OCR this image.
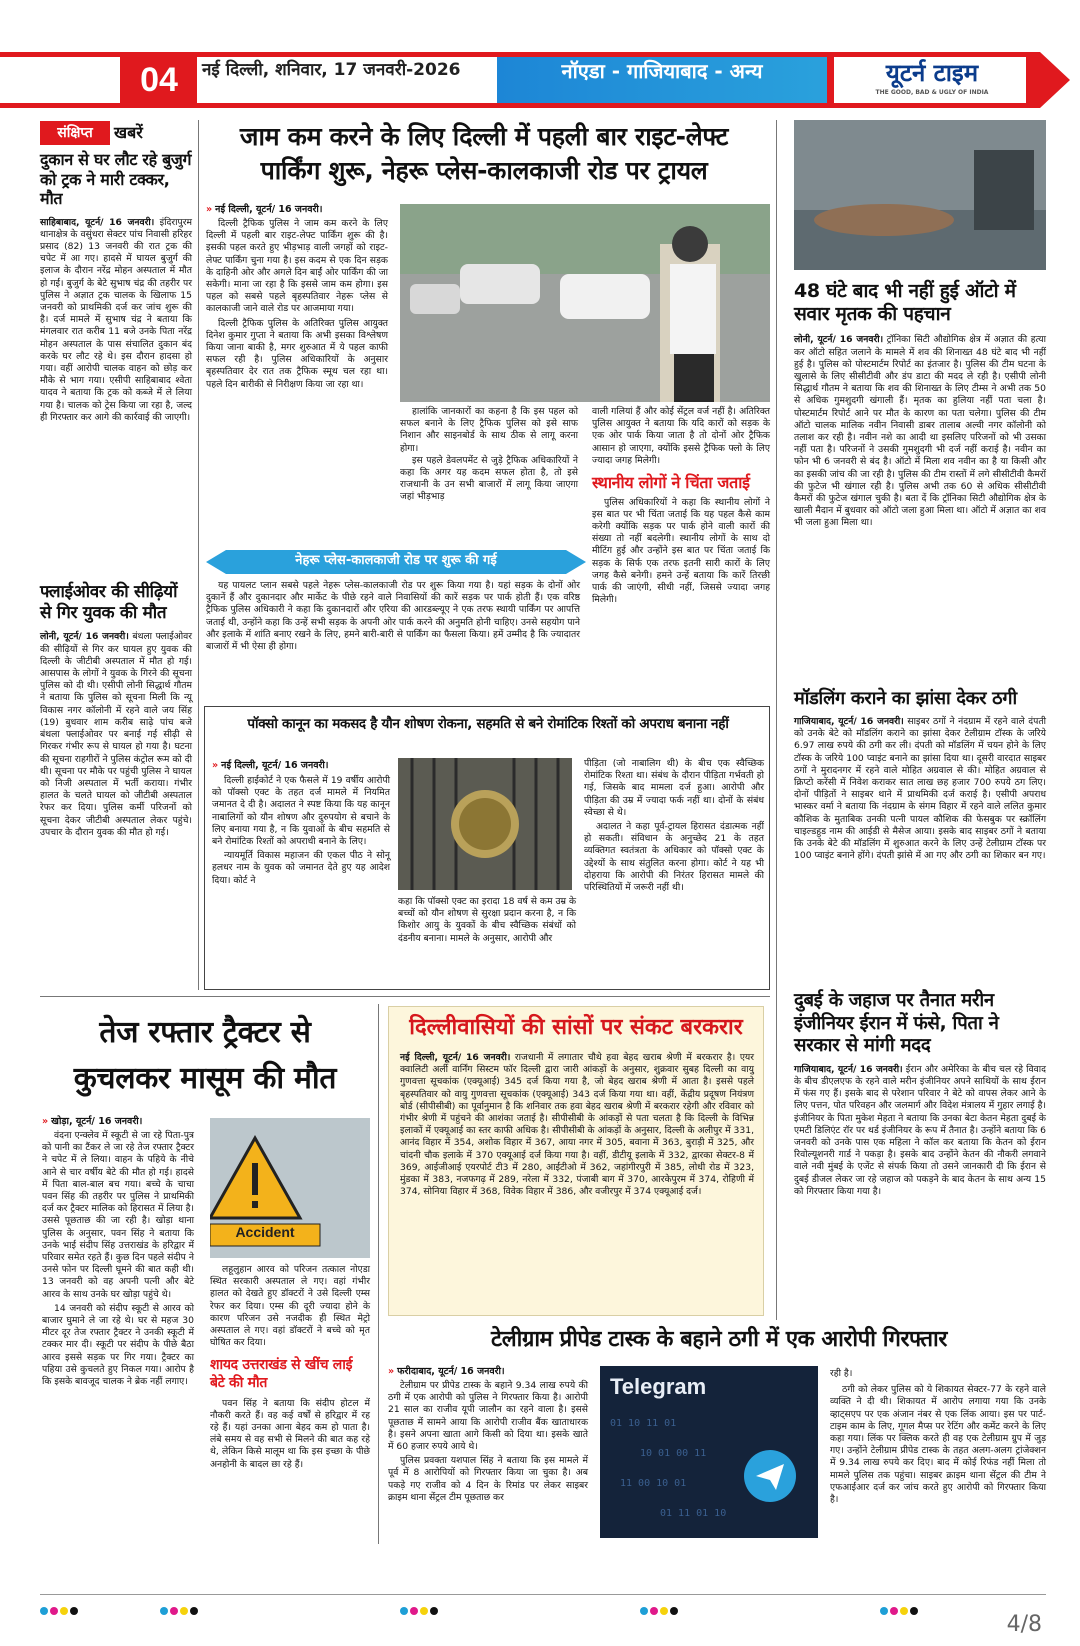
04	नई दिल्ली, शनिवार, 17 जनवरी-2026	नॉएडा - गाजियाबाद - अन्य	यूटर्न टाइम
THE GOOD, BAD & UGLY OF INDIA
संक्षिप्त	खबरें
दुकान से घर लौट रहे बुजुर्ग को ट्रक ने मारी टक्कर, मौत

साहिबाबाद, यूटर्न/ 16 जनवरी। इंदिरापुरम थानाक्षेत्र के वसुंधरा सेक्टर पांच निवासी हरिहर प्रसाद (82) 13 जनवरी की रात ट्रक की चपेट में आ गए। हादसे में घायल बुजुर्ग की इलाज के दौरान नरेंद्र मोहन अस्पताल में मौत हो गई। बुजुर्ग के बेटे सुभाष चंद्र की तहरीर पर पुलिस ने अज्ञात ट्रक चालक के खिलाफ 15 जनवरी को प्राथमिकी दर्ज कर जांच शुरू की है। दर्ज मामले में सुभाष चंद्र ने बताया कि मंगलवार रात करीब 11 बजे उनके पिता नरेंद्र मोहन अस्पताल के पास संचालित दुकान बंद करके घर लौट रहे थे। इस दौरान हादसा हो गया। वहीं आरोपी चालक वाहन को छोड़ कर मौके से भाग गया। एसीपी साहिबाबाद श्वेता यादव ने बताया कि ट्रक को कब्जे में ले लिया गया है। चालक को ट्रेस किया जा रहा है, जल्द ही गिरफ्तार कर आगे की कार्रवाई की जाएगी।

फ्लाईओवर की सीढ़ियों से गिर युवक की मौत

लोनी, यूटर्न/ 16 जनवरी। बंथला फ्लाईओवर की सीढ़ियों से गिर कर घायल हुए युवक की दिल्ली के जीटीबी अस्पताल में मौत हो गई। आसपास के लोगों ने युवक के गिरने की सूचना पुलिस को दी थी। एसीपी लोनी सिद्धार्थ गौतम ने बताया कि पुलिस को सूचना मिली कि न्यू विकास नगर कॉलोनी में रहने वाले जय सिंह (19) बुधवार शाम करीब साढ़े पांच बजे बंथला फ्लाईओवर पर बनाई गई सीढ़ी से गिरकर गंभीर रूप से घायल हो गया है। घटना की सूचना राहगीरों ने पुलिस कंट्रोल रूम को दी थी। सूचना पर मौके पर पहुंची पुलिस ने घायल को निजी अस्पताल में भर्ती कराया। गंभीर हालत के चलते घायल को जीटीबी अस्पताल रेफर कर दिया। पुलिस कर्मी परिजनों को सूचना देकर जीटीबी अस्पताल लेकर पहुंचे। उपचार के दौरान युवक की मौत हो गई।

जाम कम करने के लिए दिल्ली में पहली बार राइट-लेफ्ट
पार्किंग शुरू, नेहरू प्लेस-कालकाजी रोड पर ट्रायल
» नई दिल्ली, यूटर्न/ 16 जनवरी।

दिल्ली ट्रैफिक पुलिस ने जाम कम करने के लिए दिल्ली में पहली बार राइट-लेफ्ट पार्किंग शुरू की है। इसकी पहल करते हुए भीड़भाड़ वाली जगहों को राइट-लेफ्ट पार्किंग चुना गया है। इस कदम से एक दिन सड़क के दाहिनी ओर और अगले दिन बाईं ओर पार्किंग की जा सकेगी। माना जा रहा है कि इससे जाम कम होगा। इस पहल को सबसे पहले बृहस्पतिवार नेहरू प्लेस से कालकाजी जाने वाले रोड पर आजमाया गया।

दिल्ली ट्रैफिक पुलिस के अतिरिक्त पुलिस आयुक्त दिनेश कुमार गुप्ता ने बताया कि अभी इसका विश्लेषण किया जाना बाकी है, मगर शुरुआत में ये पहल काफी सफल रही है। पुलिस अधिकारियों के अनुसार बृहस्पतिवार देर रात तक ट्रैफिक स्मूथ चल रहा था। पहले दिन बारीकी से निरीक्षण किया जा रहा था।

हालांकि जानकारों का कहना है कि इस पहल को सफल बनाने के लिए ट्रैफिक पुलिस को इसे साफ निशान और साइनबोर्ड के साथ ठीक से लागू करना होगा।

इस पहले डेवलपमेंट से जुड़े ट्रैफिक अधिकारियों ने कहा कि अगर यह कदम सफल होता है, तो इसे राजधानी के उन सभी बाजारों में लागू किया जाएगा जहां भीड़भाड़

वाली गलियां हैं और कोई सेंट्रल वर्ज नहीं है। अतिरिक्त पुलिस आयुक्त ने बताया कि यदि कारों को सड़क के एक ओर पार्क किया जाता है तो दोनों ओर ट्रैफिक आसान हो जाएगा, क्योंकि इससे ट्रैफिक फ्लो के लिए ज्यादा जगह मिलेगी।

स्थानीय लोगों ने चिंता जताई

पुलिस अधिकारियों ने कहा कि स्थानीय लोगों ने इस बात पर भी चिंता जताई कि यह पहल कैसे काम करेगी क्योंकि सड़क पर पार्क होने वाली कारों की संख्या तो नहीं बदलेगी। स्थानीय लोगों के साथ दो मीटिंग हुई और उन्होंने इस बात पर चिंता जताई कि सड़क के सिर्फ एक तरफ इतनी सारी कारों के लिए जगह कैसे बनेगी। हमने उन्हें बताया कि कारें तिरछी पार्क की जाएंगी, सीधी नहीं, जिससे ज्यादा जगह मिलेगी।

नेहरू प्लेस-कालकाजी रोड पर शुरू की गई

यह पायलट प्लान सबसे पहले नेहरू प्लेस-कालकाजी रोड पर शुरू किया गया है। यहां सड़क के दोनों ओर दुकानें हैं और दुकानदार और मार्केट के पीछे रहने वाले निवासियों की कारें सड़क पर पार्क होती हैं। एक वरिष्ठ ट्रैफिक पुलिस अधिकारी ने कहा कि दुकानदारों और एरिया की आरडब्ल्यूए ने एक तरफ स्थायी पार्किंग पर आपत्ति जताई थी, उन्होंने कहा कि उन्हें सभी सड़क के अपनी ओर पार्क करने की अनुमति होनी चाहिए। उनसे सहयोग पाने और इलाके में शांति बनाए रखने के लिए, हमने बारी-बारी से पार्किंग का फैसला किया। हमें उम्मीद है कि ज्यादातर बाजारों में भी ऐसा ही होगा।

पॉक्सो कानून का मकसद है यौन शोषण रोकना, सहमति से बने रोमांटिक रिश्तों को अपराध बनाना नहीं
» नई दिल्ली, यूटर्न/ 16 जनवरी।

दिल्ली हाईकोर्ट ने एक फैसले में 19 वर्षीय आरोपी को पॉक्सो एक्ट के तहत दर्ज मामले में नियमित जमानत दे दी है। अदालत ने स्पष्ट किया कि यह कानून नाबालिगों को यौन शोषण और दुरुपयोग से बचाने के लिए बनाया गया है, न कि युवाओं के बीच सहमति से बने रोमांटिक रिश्तों को अपराधी बनाने के लिए।

न्यायमूर्ति विकास महाजन की एकल पीठ ने सोनू हलधर नाम के युवक को जमानत देते हुए यह आदेश दिया। कोर्ट ने

कहा कि पॉक्सो एक्ट का इरादा 18 वर्ष से कम उम्र के बच्चों को यौन शोषण से सुरक्षा प्रदान करना है, न कि किशोर आयु के युवकों के बीच स्वैच्छिक संबंधों को दंडनीय बनाना। मामले के अनुसार, आरोपी और

पीड़िता (जो नाबालिग थी) के बीच एक स्वैच्छिक रोमांटिक रिश्ता था। संबंध के दौरान पीड़िता गर्भवती हो गई, जिसके बाद मामला दर्ज हुआ। आरोपी और पीड़िता की उम्र में ज्यादा फर्क नहीं था। दोनों के संबंध स्वेच्छा से थे।

अदालत ने कहा पूर्व-ट्रायल हिरासत दंडात्मक नहीं हो सकती। संविधान के अनुच्छेद 21 के तहत व्यक्तिगत स्वतंत्रता के अधिकार को पॉक्सो एक्ट के उद्देश्यों के साथ संतुलित करना होगा। कोर्ट ने यह भी दोहराया कि आरोपी की निरंतर हिरासत मामले की परिस्थितियों में जरूरी नहीं थी।

48 घंटे बाद भी नहीं हुई ऑटो में सवार मृतक की पहचान

लोनी, यूटर्न/ 16 जनवरी। ट्रॉनिका सिटी औद्योगिक क्षेत्र में अज्ञात की हत्या कर ऑटो सहित जलाने के मामले में शव की शिनाख्त 48 घंटे बाद भी नहीं हुई है। पुलिस को पोस्टमार्टम रिपोर्ट का इंतजार है। पुलिस की टीम घटना के खुलासे के लिए सीसीटीवी और डंप डाटा की मदद ले रही है। एसीपी लोनी सिद्धार्थ गौतम ने बताया कि शव की शिनाख्त के लिए टीम्स ने अभी तक 50 से अधिक गुमशुदगी खंगाली हैं। मृतक का हुलिया नहीं पता चला है। पोस्टमार्टम रिपोर्ट आने पर मौत के कारण का पता चलेगा। पुलिस की टीम ऑटो चालक मालिक नवीन निवासी डाबर तालाब अल्वी नगर कॉलोनी को तलाश कर रही है। नवीन नशे का आदी था इसलिए परिजनों को भी उसका नहीं पता है। परिजनों ने उसकी गुमशुदगी भी दर्ज नहीं कराई है। नवीन का फोन भी 6 जनवरी से बंद है। ऑटो में मिला शव नवीन का है या किसी और का इसकी जांच की जा रही है। पुलिस की टीम रास्तों में लगे सीसीटीवी कैमरों की फुटेज भी खंगाल रही है। पुलिस अभी तक 60 से अधिक सीसीटीवी कैमरों की फुटेज खंगाल चुकी है। बता दें कि ट्रॉनिका सिटी औद्योगिक क्षेत्र के खाली मैदान में बुधवार को ऑटो जला हुआ मिला था। ऑटो में अज्ञात का शव भी जला हुआ मिला था।

मॉडलिंग कराने का झांसा देकर ठगी

गाजियाबाद, यूटर्न/ 16 जनवरी। साइबर ठगों ने नंदग्राम में रहने वाले दंपती को उनके बेटे को मॉडलिंग कराने का झांसा देकर टेलीग्राम टॉस्क के जरिये 6.97 लाख रुपये की ठगी कर ली। दंपती को मॉडलिंग में चयन होने के लिए टॉस्क के जरिये 100 प्वाइंट बनाने का झांसा दिया था। दूसरी वारदात साइबर ठगों ने मुरादनगर में रहने वाले मोहित अग्रवाल से की। मोहित अग्रवाल से क्रिप्टो करेंसी में निवेश कराकर सात लाख छह हजार 700 रुपये ठग लिए। दोनों पीड़ितों ने साइबर थाने में प्राथमिकी दर्ज कराई है। एसीपी अपराध भास्कर वर्मा ने बताया कि नंदग्राम के संगम विहार में रहने वाले ललित कुमार कौशिक के मुताबिक उनकी पत्नी पायल कौशिक की फेसबुक पर स्क्रॉलिंग चाइल्डहुड नाम की आईडी से मैसेज आया। इसके बाद साइबर ठगों ने बताया कि उनके बेटे की मॉडलिंग में शुरुआत करने के लिए उन्हें टेलीग्राम टॉस्क पर 100 प्वाइंट बनाने होंगे। दंपती झांसे में आ गए और ठगी का शिकार बन गए।

दुबई के जहाज पर तैनात मरीन इंजीनियर ईरान में फंसे, पिता ने सरकार से मांगी मदद

गाजियाबाद, यूटर्न/ 16 जनवरी। ईरान और अमेरिका के बीच चल रहे विवाद के बीच डीएलएफ के रहने वाले मरीन इंजीनियर अपने साथियों के साथ ईरान में फंस गए हैं। इसके बाद से परेशान परिवार ने बेटे को वापस लेकर आने के लिए पत्तन, पोत परिवहन और जलमार्ग और विदेश मंत्रालय में गुहार लगाई है। इंजीनियर के पिता मुकेश मेहता ने बताया कि उनका बेटा केतन मेहता दुबई के एमटी डिलिएंट रॉर पर थर्ड इंजीनियर के रूप में तैनात है। उन्होंने बताया कि 6 जनवरी को उनके पास एक महिला ने कॉल कर बताया कि केतन को ईरान रिवोल्यूशनरी गार्ड ने पकड़ा है। इसके बाद उन्होंने केतन की नौकरी लगवाने वाले नवी मुंबई के एजेंट से संपर्क किया तो उसने जानकारी दी कि ईरान से दुबई डीजल लेकर जा रहे जहाज को पकड़ने के बाद केतन के साथ अन्य 15 को गिरफ्तार किया गया है।

तेज रफ्तार ट्रैक्टर से
कुचलकर मासूम की मौत
» खोड़ा, यूटर्न/ 16 जनवरी।

वंदना एन्क्लेव में स्कूटी से जा रहे पिता-पुत्र को पानी का टैंकर ले जा रहे तेज रफ्तार ट्रैक्टर ने चपेट में ले लिया। वाहन के पहिये के नीचे आने से चार वर्षीय बेटे की मौत हो गई। हादसे में पिता बाल-बाल बच गया। बच्चे के चाचा पवन सिंह की तहरीर पर पुलिस ने प्राथमिकी दर्ज कर ट्रैक्टर मालिक को हिरासत में लिया है। उससे पूछताछ की जा रही है। खोड़ा थाना पुलिस के अनुसार, पवन सिंह ने बताया कि उनके भाई संदीप सिंह उत्तराखंड के हरिद्वार में परिवार समेत रहते हैं। कुछ दिन पहले संदीप ने उनसे फोन पर दिल्ली घूमने की बात कही थी। 13 जनवरी को वह अपनी पत्नी और बेटे आरव के साथ उनके घर खोड़ा पहुंचे थे।

14 जनवरी को संदीप स्कूटी से आरव को बाजार घुमाने ले जा रहे थे। घर से महज 30 मीटर दूर तेज रफ्तार ट्रैक्टर ने उनकी स्कूटी में टक्कर मार दी। स्कूटी पर संदीप के पीछे बैठा आरव इससे सड़क पर गिर गया। ट्रैक्टर का पहिया उसे कुचलते हुए निकल गया। आरोप है कि इसके बावजूद चालक ने ब्रेक नहीं लगाए।

Accident

लहूलुहान आरव को परिजन तत्काल नोएडा स्थित सरकारी अस्पताल ले गए। वहां गंभीर हालत को देखते हुए डॉक्टरों ने उसे दिल्ली एम्स रेफर कर दिया। एम्स की दूरी ज्यादा होने के कारण परिजन उसे नजदीक ही स्थित मेट्रो अस्पताल ले गए। वहां डॉक्टरों ने बच्चे को मृत घोषित कर दिया।

शायद उत्तराखंड से खींच लाई बेटे की मौत

पवन सिंह ने बताया कि संदीप होटल में नौकरी करते हैं। वह कई वर्षों से हरिद्वार में रह रहे हैं। यहां उनका आना बेहद कम हो पाता है। लंबे समय से वह सभी से मिलने की बात कह रहे थे, लेकिन किसे मालूम था कि इस इच्छा के पीछे अनहोनी के बादल छा रहे हैं।

दिल्लीवासियों की सांसों पर संकट बरकरार

नई दिल्ली, यूटर्न/ 16 जनवरी। राजधानी में लगातार चौथे हवा बेहद खराब श्रेणी में बरकरार है। एयर क्वालिटी अर्ली वार्निंग सिस्टम फॉर दिल्ली द्वारा जारी आंकड़ों के अनुसार, शुक्रवार सुबह दिल्ली का वायु गुणवत्ता सूचकांक (एक्यूआई) 345 दर्ज किया गया है, जो बेहद खराब श्रेणी में आता है। इससे पहले बृहस्पतिवार को वायु गुणवत्ता सूचकांक (एक्यूआई) 343 दर्ज किया गया था। वहीं, केंद्रीय प्रदूषण नियंत्रण बोर्ड (सीपीसीबी) का पूर्वानुमान है कि शनिवार तक हवा बेहद खराब श्रेणी में बरकरार रहेगी और रविवार को गंभीर श्रेणी में पहुंचने की आशंका जताई है। सीपीसीबी के आंकड़ों से पता चलता है कि दिल्ली के विभिन्न इलाकों में एक्यूआई का स्तर काफी अधिक है। सीपीसीबी के आंकड़ों के अनुसार, दिल्ली के अलीपुर में 331, आनंद विहार में 354, अशोक विहार में 367, आया नगर में 305, बवाना में 363, बुराड़ी में 325, और चांदनी चौक इलाके में 370 एक्यूआई दर्ज किया गया है। वहीं, डीटीयू इलाके में 332, द्वारका सेक्टर-8 में 369, आईजीआई एयरपोर्ट टी3 में 280, आईटीओ में 362, जहांगीरपुरी में 385, लोधी रोड में 323, मुंडका में 383, नजफगढ़ में 289, नरेला में 332, पंजाबी बाग में 370, आरकेपुरम में 374, रोहिणी में 374, सोनिया विहार में 368, विवेक विहार में 386, और वजीरपुर में 374 एक्यूआई दर्ज।

टेलीग्राम प्रीपेड टास्क के बहाने ठगी में एक आरोपी गिरफ्तार
» फरीदाबाद, यूटर्न/ 16 जनवरी।

टेलीग्राम पर प्रीपेड टास्क के बहाने 9.34 लाख रुपये की ठगी में एक आरोपी को पुलिस ने गिरफ्तार किया है। आरोपी 21 साल का राजीव यूपी जालौन का रहने वाला है। इससे पूछताछ में सामने आया कि आरोपी राजीव बैंक खाताधारक है। इसने अपना खाता आगे किसी को दिया था। इसके खाते में 60 हजार रुपये आये थे।

पुलिस प्रवक्ता यशपाल सिंह ने बताया कि इस मामले में पूर्व में 8 आरोपियों को गिरफ्तार किया जा चुका है। अब पकड़े गए राजीव को 4 दिन के रिमांड पर लेकर साइबर क्राइम थाना सेंट्रल टीम पूछताछ कर

01 10 11 01
10 01 00 11
11 00 10 01
01 11 01 10
Telegram

रही है।

ठगी को लेकर पुलिस को ये शिकायत सेक्टर-77 के रहने वाले व्यक्ति ने दी थी। शिकायत में आरोप लगाया गया कि उनके व्हाट्सएप पर एक अंजान नंबर से एक लिंक आया। इस पर पार्ट-टाइम काम के लिए, गूगल मैप्स पर रेटिंग और कमेंट करने के लिए कहा गया। लिंक पर क्लिक करते ही वह एक टेलीग्राम ग्रुप में जुड़ गए। उन्होंने टेलीग्राम प्रीपेड टास्क के तहत अलग-अलग ट्रांजेक्शन में 9.34 लाख रुपये कर दिए। बाद में कोई रिफंड नहीं मिला तो मामले पुलिस तक पहुंचा। साइबर क्राइम थाना सेंट्रल की टीम ने एफआईआर दर्ज कर जांच करते हुए आरोपी को गिरफ्तार किया है।

4/8
